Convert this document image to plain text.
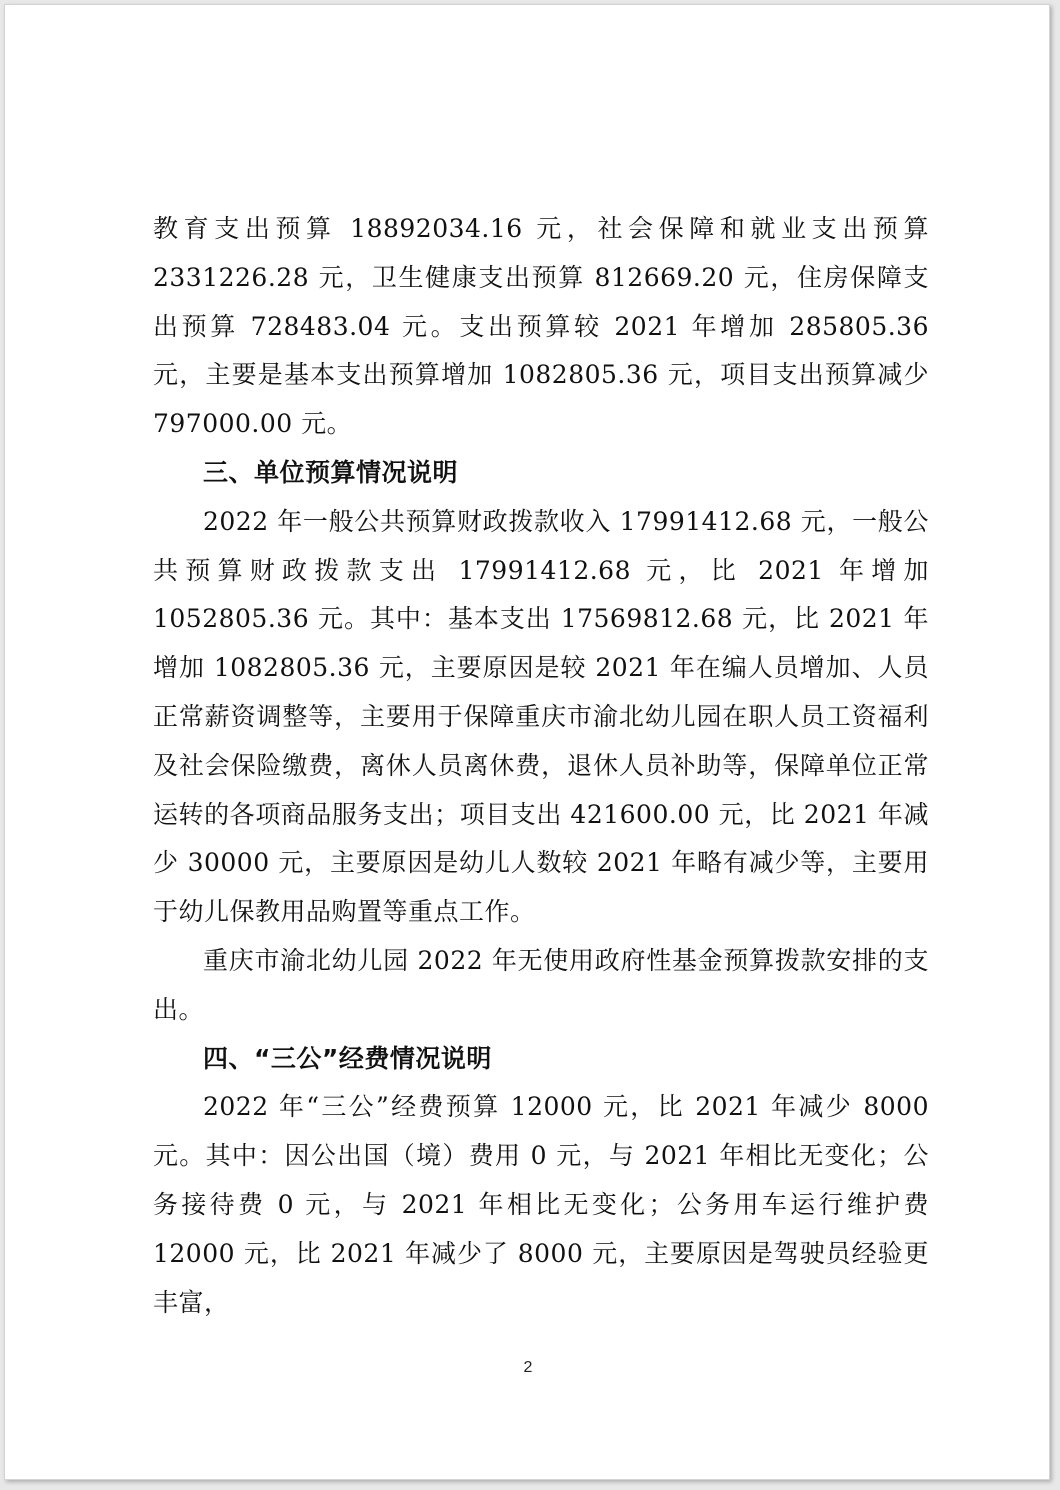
教育支出预算 18892034.16 元，社会保障和就业支出预算 2331226.28 元，卫生健康支出预算 812669.20 元，住房保障支出预算 728483.04 元。支出预算较 2021 年增加 285805.36 元，主要是基本支出预算增加 1082805.36 元，项目支出预算减少 797000.00 元。

三、单位预算情况说明

2022 年一般公共预算财政拨款收入 17991412.68 元，一般公共预算财政拨款支出 17991412.68 元，比 2021 年增加 1052805.36 元。其中：基本支出 17569812.68 元，比 2021 年增加 1082805.36 元，主要原因是较 2021 年在编人员增加、人员正常薪资调整等，主要用于保障重庆市渝北幼儿园在职人员工资福利及社会保险缴费，离休人员离休费，退休人员补助等，保障单位正常运转的各项商品服务支出；项目支出 421600.00 元，比 2021 年减少 30000 元，主要原因是幼儿人数较 2021 年略有减少等，主要用于幼儿保教用品购置等重点工作。

重庆市渝北幼儿园 2022 年无使用政府性基金预算拨款安排的支出。

四、“三公”经费情况说明

2022 年“三公”经费预算 12000 元，比 2021 年减少 8000　元。其中：因公出国（境）费用 0 元，与 2021 年相比无变化；公务接待费 0 元，与 2021 年相比无变化；公务用车运行维护费 12000 元，比 2021 年减少了 8000 元，主要原因是驾驶员经验更丰富，

2
